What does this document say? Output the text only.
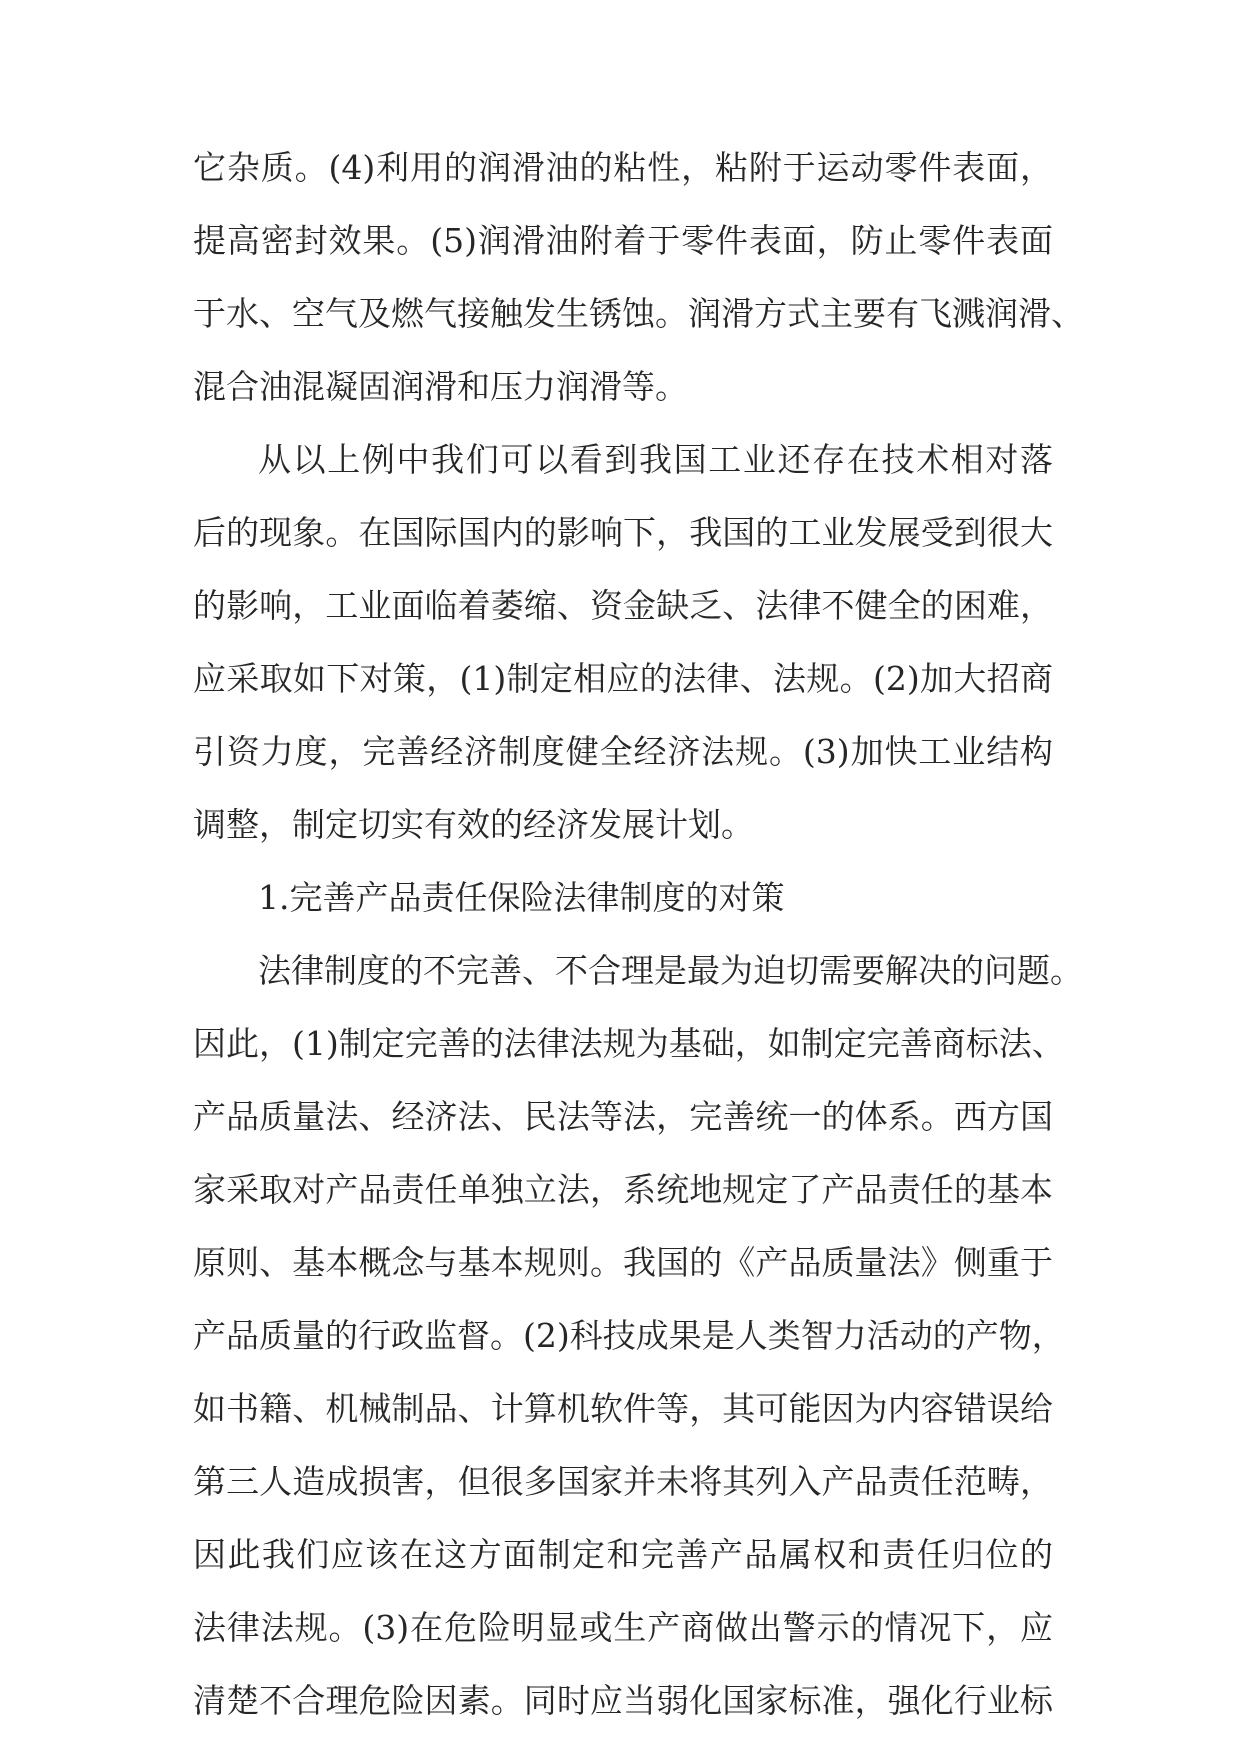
它杂质。(4)利用的润滑油的粘性，粘附于运动零件表面，
提高密封效果。(5)润滑油附着于零件表面，防止零件表面
于水、空气及燃气接触发生锈蚀。润滑方式主要有飞溅润滑、
混合油混凝固润滑和压力润滑等。
从以上例中我们可以看到我国工业还存在技术相对落
后的现象。在国际国内的影响下，我国的工业发展受到很大
的影响，工业面临着萎缩、资金缺乏、法律不健全的困难，
应采取如下对策，(1)制定相应的法律、法规。(2)加大招商
引资力度，完善经济制度健全经济法规。(3)加快工业结构
调整，制定切实有效的经济发展计划。
1.完善产品责任保险法律制度的对策
法律制度的不完善、不合理是最为迫切需要解决的问题。
因此，(1)制定完善的法律法规为基础，如制定完善商标法、
产品质量法、经济法、民法等法，完善统一的体系。西方国
家采取对产品责任单独立法，系统地规定了产品责任的基本
原则、基本概念与基本规则。我国的《产品质量法》侧重于
产品质量的行政监督。(2)科技成果是人类智力活动的产物，
如书籍、机械制品、计算机软件等，其可能因为内容错误给
第三人造成损害，但很多国家并未将其列入产品责任范畴，
因此我们应该在这方面制定和完善产品属权和责任归位的
法律法规。(3)在危险明显或生产商做出警示的情况下，应
清楚不合理危险因素。同时应当弱化国家标准，强化行业标
